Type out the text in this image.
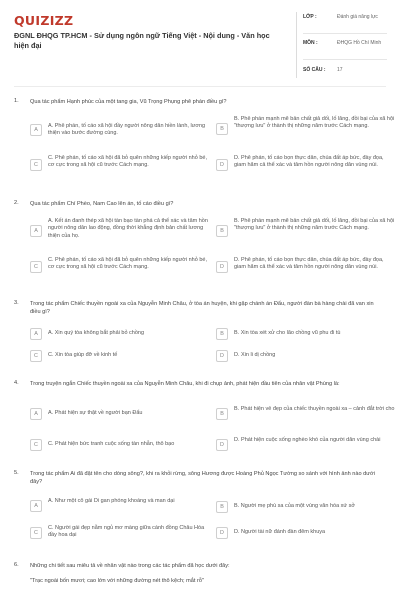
QUIZIZZ
ĐGNL ĐHQG TP.HCM - Sử dụng ngôn ngữ Tiếng Việt - Nội dung - Văn học hiện đại
LỚP :	Đánh giá năng lực
MÔN :	ĐHQG Hồ Chí Minh
SỐ CÂU : 17
1. Qua tác phẩm Hạnh phúc của một tang gia, Vũ Trọng Phụng phê phán điều gì?
A
A. Phê phán, tố cáo xã hội đầy người nông dân hiền lành, lương thiện vào bước đường cùng.
B
B. Phê phán mạnh mẽ bản chất giả dối, lố lăng, đồi bại của xã hội "thượng lưu" ở thành thị những năm trước Cách mạng.
C
C. Phê phán, tố cáo xã hội đã bỏ quên những kiếp người nhỏ bé, cơ cực trong xã hội cũ trước Cách mạng.	D
D. Phê phán, tố cáo bọn thực dân, chúa đất áp bức, đày đọa, giam hãm cả thể xác và tâm hồn người nông dân vùng núi.
2. Qua tác phẩm Chí Phèo, Nam Cao lên án, tố cáo điều gì?
A
A. Kết án đanh thép xã hội tàn bạo tàn phá cả thể xác và tâm hồn người nông dân lao động, đồng thời khẳng định bản chất lương thiện của họ.
B
B. Phê phán mạnh mẽ bản chất giả dối, lố lăng, đồi bại của xã hội "thượng lưu" ở thành thị những năm trước Cách mạng.
C
C. Phê phán, tố cáo xã hội đã bỏ quên những kiếp người nhỏ bé, cơ cực trong xã hội cũ trước Cách mạng.	D
D. Phê phán, tố cáo bọn thực dân, chúa đất áp bức, đày đọa, giam hãm cả thể xác và tâm hồn người nông dân vùng núi.
3. Trong tác phẩm Chiếc thuyền ngoài xa của Nguyễn Minh Châu, ở tòa án huyện, khi gặp chánh án Đẩu, người đàn bà hàng chài đã van xin điều gì?
A	A. Xin quý tòa không bắt phải bỏ chồng	B	B. Xin tòa xét xử cho lão chồng vũ phu đi tù
C	C. Xin tòa giúp đỡ về kinh tế	D	D. Xin li dị chồng
4. Trong truyện ngắn Chiếc thuyền ngoài xa của Nguyễn Minh Châu, khi đi chụp ảnh, phát hiện đầu tiên của nhân vật Phùng là:
A	A. Phát hiện sự thật về người bạn Đẩu	B
B. Phát hiện vẻ đẹp của chiếc thuyền ngoài xa – cảnh đắt trời cho
C	C. Phát hiện bức tranh cuộc sống tàn nhẫn, thô bạo	D
D. Phát hiện cuộc sống nghèo khó của người dân vùng chài
5. Trong tác phẩm Ai đã đặt tên cho dòng sông?, khi ra khỏi rừng, sông Hương được Hoàng Phủ Ngọc Tường so sánh với hình ảnh nào dưới đây?
A
A. Như một cô gái Di gan phóng khoáng và man dại
B	B. Người mẹ phù sa của một vùng văn hóa xứ sở
C
C. Người gái đẹp nằm ngủ mơ màng giữa cánh đồng Châu Hóa đầy hoa dại	D	D. Người tài nữ đánh đàn đêm khuya
6. Những chi tiết sau miêu tả về nhân vật nào trong các tác phẩm đã học dưới đây:
"Trạc ngoài bốn mươi; cao lớn với những đường nét thô kệch; mắt rỗ"
